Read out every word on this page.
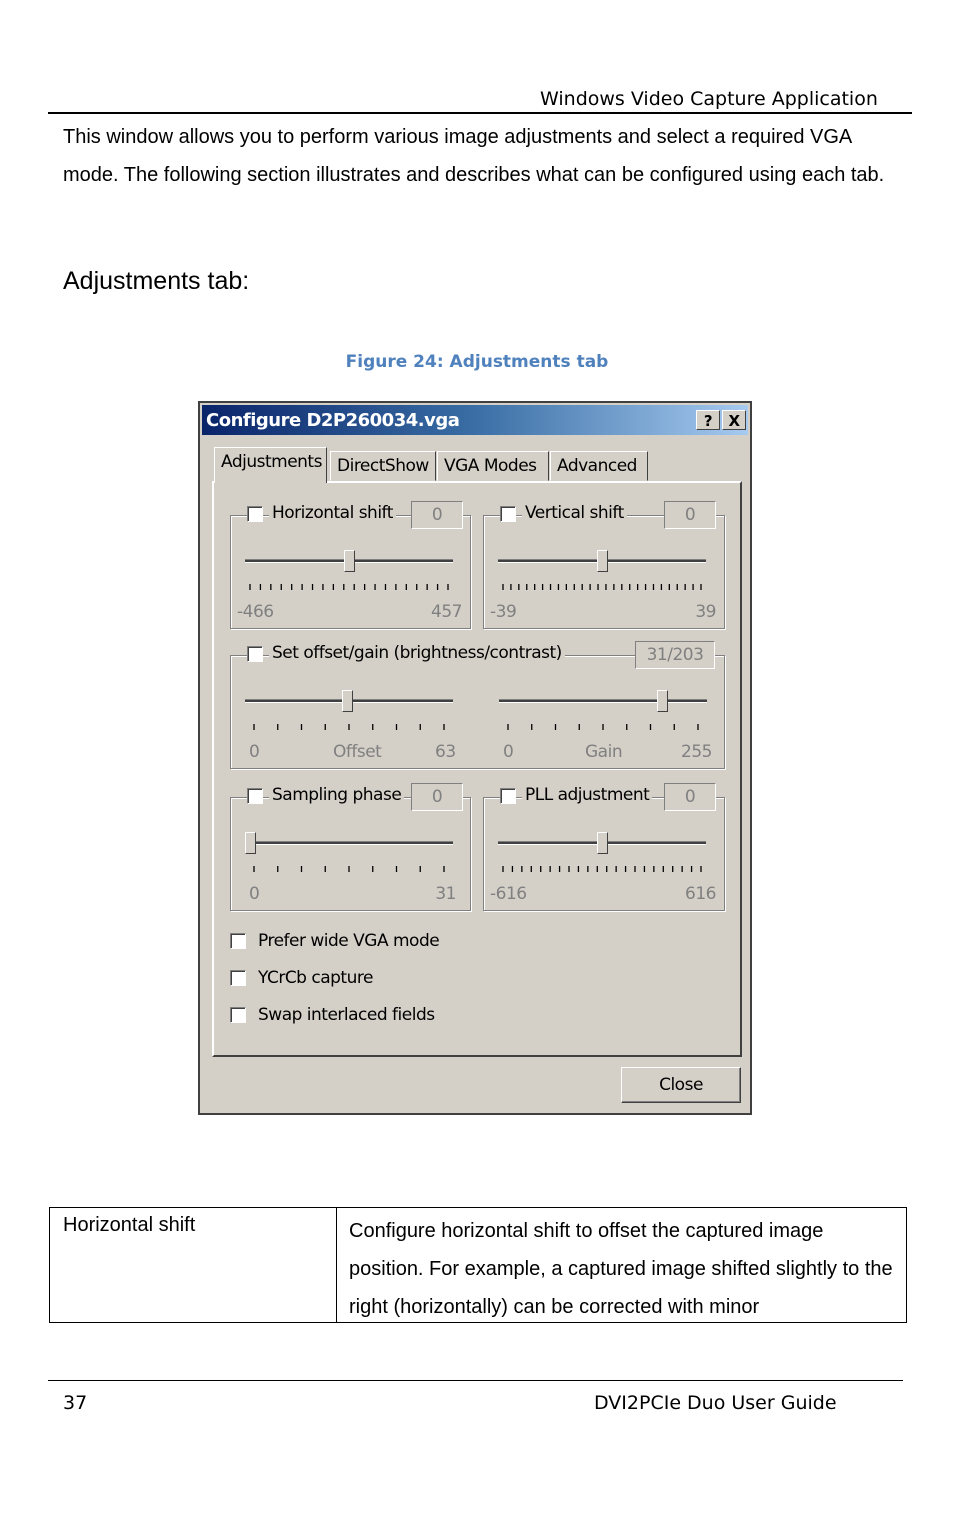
Windows Video Capture Application
This window allows you to perform various image adjustments and select a required VGA mode. The following section illustrates and describes what can be configured using each tab.
Adjustments tab:
Figure 24: Adjustments tab
Configure D2P260034.vga	?	X
Adjustments DirectShow VGA Modes	Advanced
Horizontal shift	0
-466	457
Vertical shift	0
-39	39
Set offset/gain (brightness/contrast)	31/203
0	Offset	63	0	Gain	255
Sampling phase	0
0	31
PLL adjustment	0
-616	616
Prefer wide VGA mode
YCrCb capture
Swap interlaced fields
Close
Horizontal shift	Configure horizontal shift to offset the captured image position. For example, a captured image shifted slightly to the right (horizontally) can be corrected with minor
37	DVI2PCIe Duo User Guide
